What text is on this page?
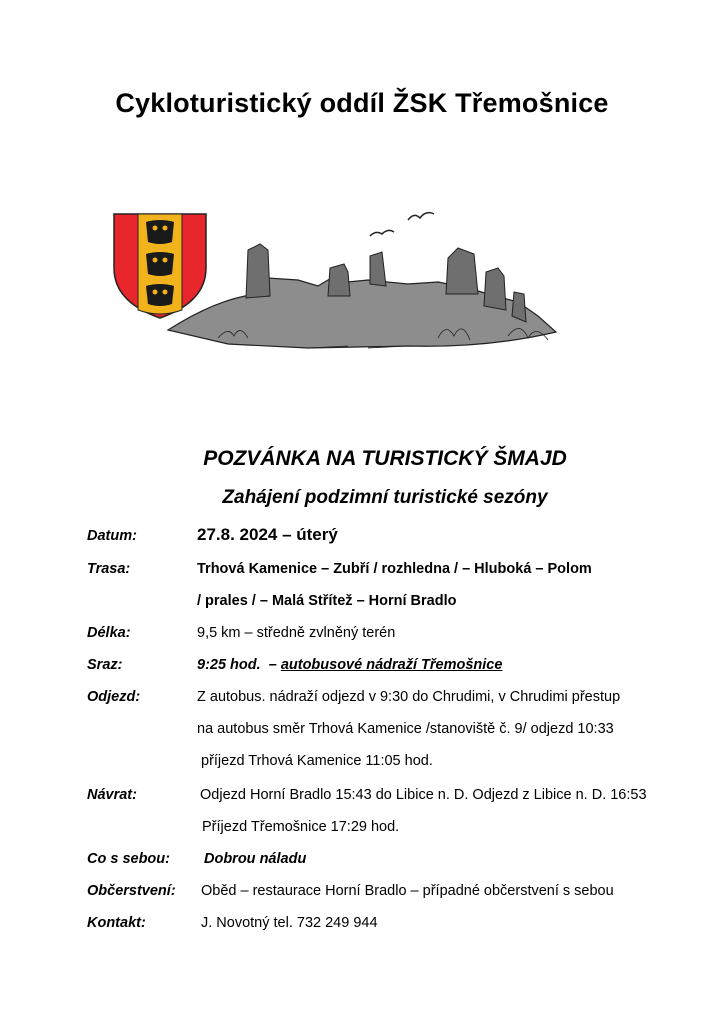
Cykloturistický oddíl ŽSK Třemošnice
POZVÁNKA NA TURISTICKÝ ŠMAJD
Zahájení podzimní turistické sezóny
Datum:	27.8. 2024 – úterý
Trasa:	Trhová Kamenice – Zubří / rozhledna / – Hluboká – Polom
/ prales / – Malá Střítež – Horní Bradlo
Délka:	9,5 km – středně zvlněný terén
Sraz:	9:25 hod.  – autobusové nádraží Třemošnice
Odjezd:	Z autobus. nádraží odjezd v 9:30 do Chrudimi, v Chrudimi přestup
na autobus směr Trhová Kamenice /stanoviště č. 9/ odjezd 10:33
příjezd Trhová Kamenice 11:05 hod.
Návrat:	Odjezd Horní Bradlo 15:43 do Libice n. D. Odjezd z Libice n. D. 16:53
Příjezd Třemošnice 17:29 hod.
Co s sebou: Dobrou náladu
Občerstvení: Oběd – restaurace Horní Bradlo – případné občerstvení s sebou
Kontakt:	J. Novotný tel. 732 249 944
